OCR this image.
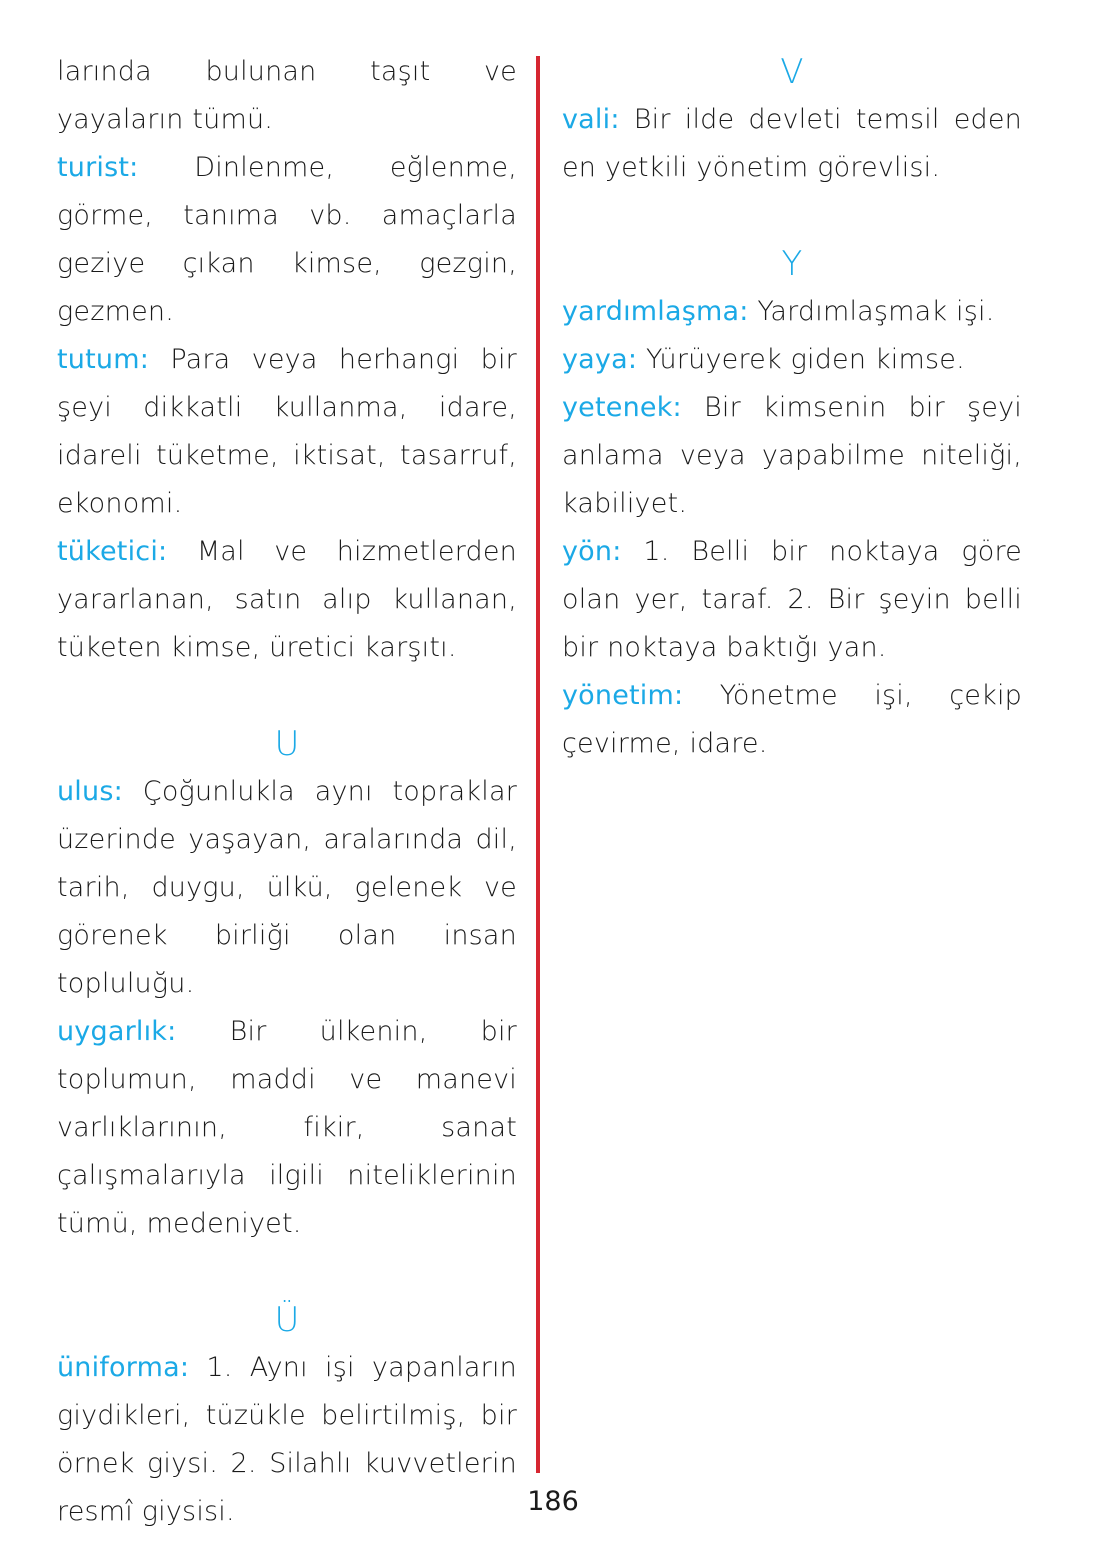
larında bulunan taşıt ve yayaların tümü.

turist: Dinlenme, eğlenme, görme, tanıma vb. amaçlarla geziye çıkan kimse, gezgin, gezmen.

tutum: Para veya herhangi bir şeyi dikkatli kullanma, idare, idareli tüketme, iktisat, tasarruf, ekonomi.

tüketici: Mal ve hizmetlerden yararlanan, satın alıp kullanan, tüketen kimse, üretici karşıtı.

U

ulus: Çoğunlukla aynı topraklar üzerinde yaşayan, aralarında dil, tarih, duygu, ülkü, gelenek ve görenek birliği olan insan topluluğu.

uygarlık: Bir ülkenin, bir toplumun, maddi ve manevi varlıklarının, fikir, sanat çalışmalarıyla ilgili niteliklerinin tümü, medeniyet.

Ü

üniforma: 1. Aynı işi yapanların giydikleri, tüzükle belirtilmiş, bir örnek giysi. 2. Silahlı kuvvetlerin resmî giysisi.

V

vali: Bir ilde devleti temsil eden en yetkili yönetim görevlisi.

Y

yardımlaşma: Yardımlaşmak işi.

yaya: Yürüyerek giden kimse.

yetenek: Bir kimsenin bir şeyi anlama veya yapabilme niteliği, kabiliyet.

yön: 1. Belli bir noktaya göre olan yer, taraf. 2. Bir şeyin belli bir noktaya baktığı yan.

yönetim: Yönetme işi, çekip çevirme, idare.

186
